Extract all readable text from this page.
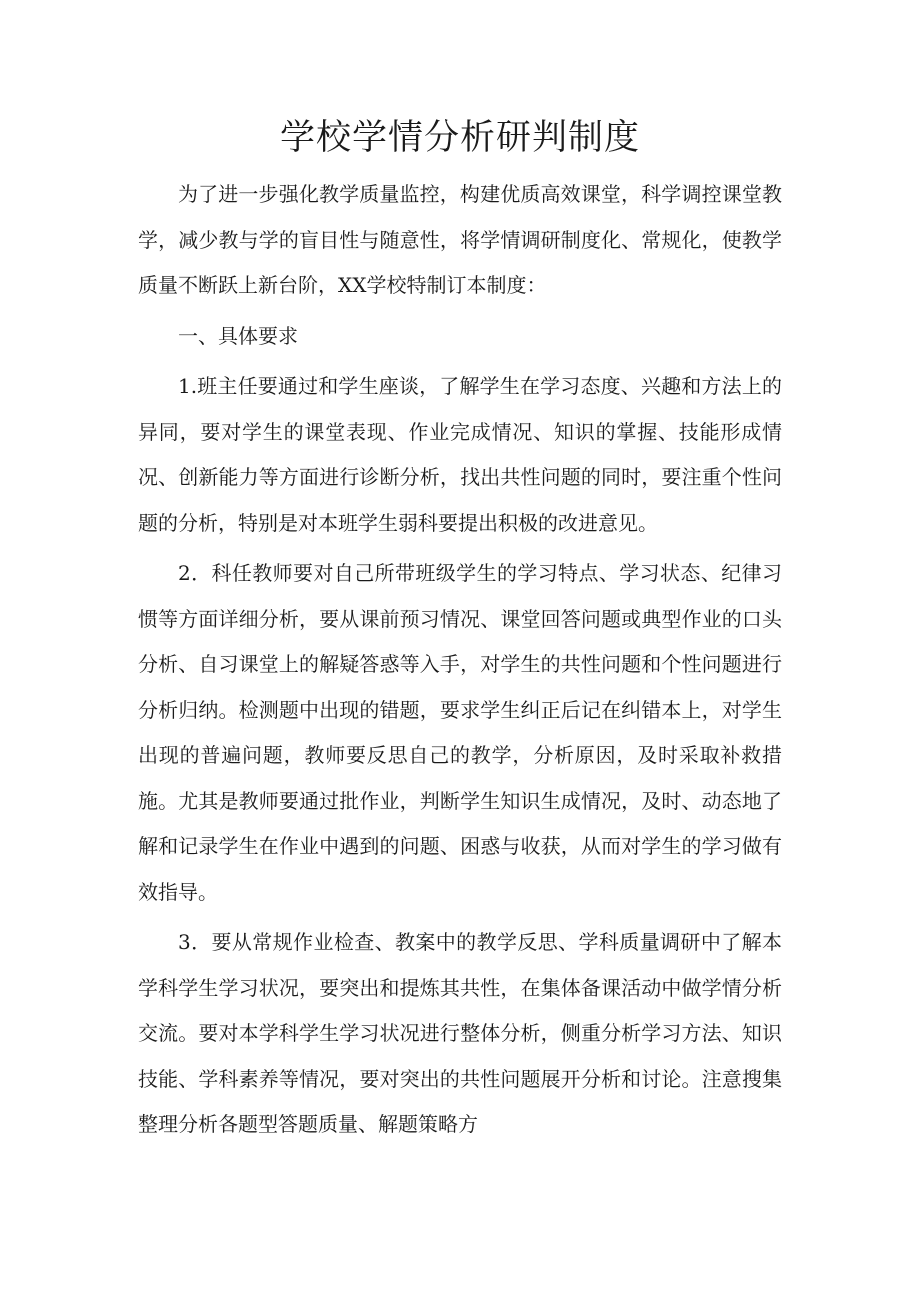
学校学情分析研判制度

为了进一步强化教学质量监控，构建优质高效课堂，科学调控课堂教学，减少教与学的盲目性与随意性，将学情调研制度化、常规化，使教学质量不断跃上新台阶，XX学校特制订本制度：

一、具体要求

1.班主任要通过和学生座谈，了解学生在学习态度、兴趣和方法上的异同，要对学生的课堂表现、作业完成情况、知识的掌握、技能形成情况、创新能力等方面进行诊断分析，找出共性问题的同时，要注重个性问题的分析，特别是对本班学生弱科要提出积极的改进意见。

2．科任教师要对自己所带班级学生的学习特点、学习状态、纪律习惯等方面详细分析，要从课前预习情况、课堂回答问题或典型作业的口头分析、自习课堂上的解疑答惑等入手，对学生的共性问题和个性问题进行分析归纳。检测题中出现的错题，要求学生纠正后记在纠错本上，对学生出现的普遍问题，教师要反思自己的教学，分析原因，及时采取补救措施。尤其是教师要通过批作业，判断学生知识生成情况，及时、动态地了解和记录学生在作业中遇到的问题、困惑与收获，从而对学生的学习做有效指导。

3．要从常规作业检查、教案中的教学反思、学科质量调研中了解本学科学生学习状况，要突出和提炼其共性，在集体备课活动中做学情分析交流。要对本学科学生学习状况进行整体分析，侧重分析学习方法、知识技能、学科素养等情况，要对突出的共性问题展开分析和讨论。注意搜集整理分析各题型答题质量、解题策略方
